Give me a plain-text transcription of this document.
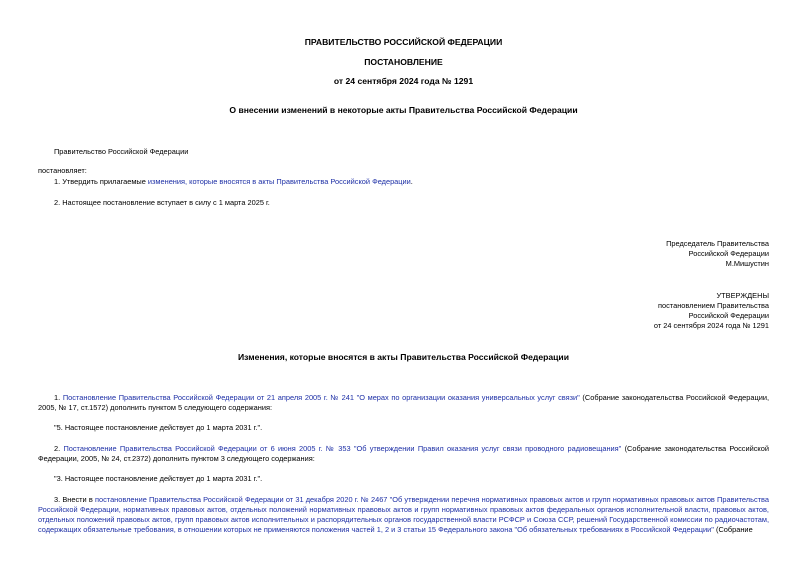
ПРАВИТЕЛЬСТВО РОССИЙСКОЙ ФЕДЕРАЦИИ
ПОСТАНОВЛЕНИЕ
от 24 сентября 2024 года № 1291
О внесении изменений в некоторые акты Правительства Российской Федерации
Правительство Российской Федерации
постановляет:
1. Утвердить прилагаемые изменения, которые вносятся в акты Правительства Российской Федерации.
2. Настоящее постановление вступает в силу с 1 марта 2025 г.
Председатель Правительства
Российской Федерации
М.Мишустин
УТВЕРЖДЕНЫ
постановлением Правительства
Российской Федерации
от 24 сентября 2024 года № 1291
Изменения, которые вносятся в акты Правительства Российской Федерации
1. Постановление Правительства Российской Федерации от 21 апреля 2005 г. № 241 "О мерах по организации оказания универсальных услуг связи" (Собрание законодательства Российской Федерации, 2005, № 17, ст.1572) дополнить пунктом 5 следующего содержания:
"5. Настоящее постановление действует до 1 марта 2031 г.".
2. Постановление Правительства Российской Федерации от 6 июня 2005 г. № 353 "Об утверждении Правил оказания услуг связи проводного радиовещания" (Собрание законодательства Российской Федерации, 2005, № 24, ст.2372) дополнить пунктом 3 следующего содержания:
"3. Настоящее постановление действует до 1 марта 2031 г.".
3. Внести в постановление Правительства Российской Федерации от 31 декабря 2020 г. № 2467 "Об утверждении перечня нормативных правовых актов и групп нормативных правовых актов Правительства Российской Федерации, нормативных правовых актов, отдельных положений нормативных правовых актов и групп нормативных правовых актов федеральных органов исполнительной власти, правовых актов, отдельных положений правовых актов, групп правовых актов исполнительных и распорядительных органов государственной власти РСФСР и Союза ССР, решений Государственной комиссии по радиочастотам, содержащих обязательные требования, в отношении которых не применяются положения частей 1, 2 и 3 статьи 15 Федерального закона "Об обязательных требованиях в Российской Федерации" (Собрание
